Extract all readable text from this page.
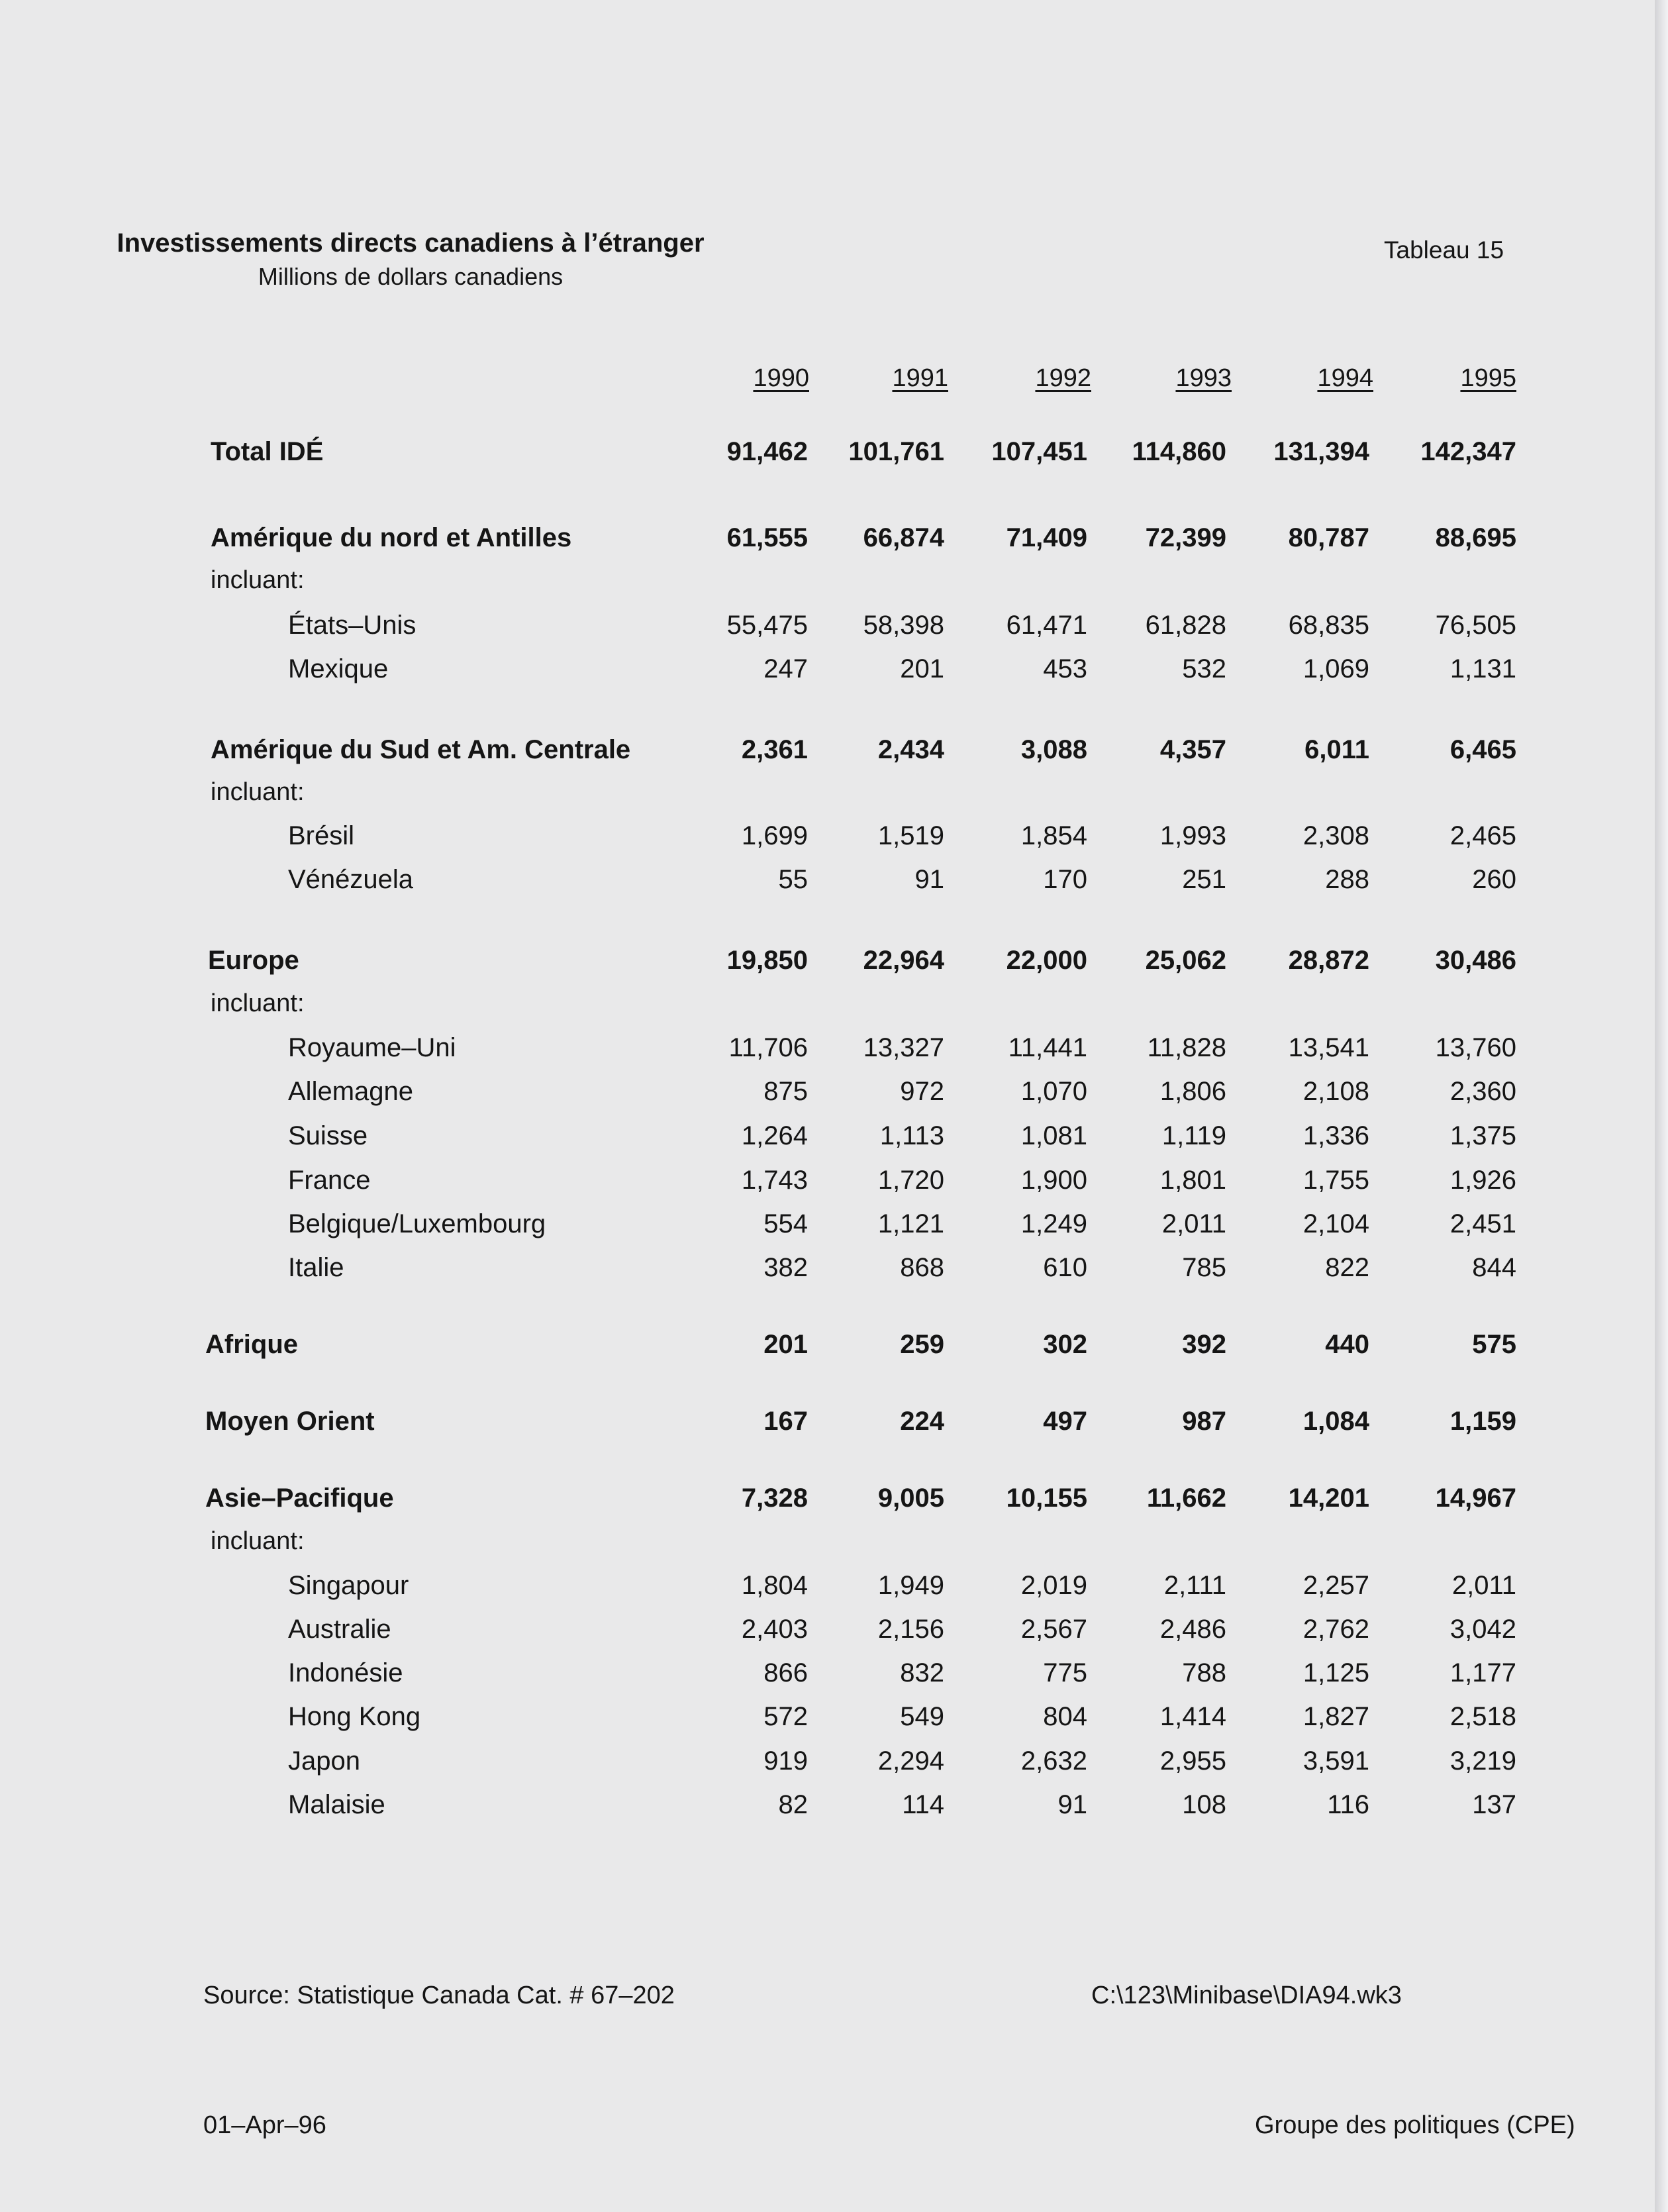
Investissements directs canadiens à l’étranger
Millions de dollars canadiens
Tableau 15
1990	1991	1992	1993	1994	1995
Total IDÉ	91,462	101,761	107,451	114,860	131,394	142,347
Amérique du nord et Antilles	61,555	66,874	71,409	72,399	80,787	88,695
incluant:
États–Unis	55,475	58,398	61,471	61,828	68,835	76,505
Mexique	247	201	453	532	1,069	1,131
Amérique du Sud et Am. Centrale	2,361	2,434	3,088	4,357	6,011	6,465
incluant:
Brésil	1,699	1,519	1,854	1,993	2,308	2,465
Vénézuela	55	91	170	251	288	260
Europe	19,850	22,964	22,000	25,062	28,872	30,486
incluant:
Royaume–Uni	11,706	13,327	11,441	11,828	13,541	13,760
Allemagne	875	972	1,070	1,806	2,108	2,360
Suisse	1,264	1,113	1,081	1,119	1,336	1,375
France	1,743	1,720	1,900	1,801	1,755	1,926
Belgique/Luxembourg	554	1,121	1,249	2,011	2,104	2,451
Italie	382	868	610	785	822	844
Afrique	201	259	302	392	440	575
Moyen Orient	167	224	497	987	1,084	1,159
Asie–Pacifique	7,328	9,005	10,155	11,662	14,201	14,967
incluant:
Singapour	1,804	1,949	2,019	2,111	2,257	2,011
Australie	2,403	2,156	2,567	2,486	2,762	3,042
Indonésie	866	832	775	788	1,125	1,177
Hong Kong	572	549	804	1,414	1,827	2,518
Japon	919	2,294	2,632	2,955	3,591	3,219
Malaisie	82	114	91	108	116	137
Source: Statistique Canada Cat. # 67–202	C:\123\Minibase\DIA94.wk3
01–Apr–96	Groupe des politiques (CPE)
